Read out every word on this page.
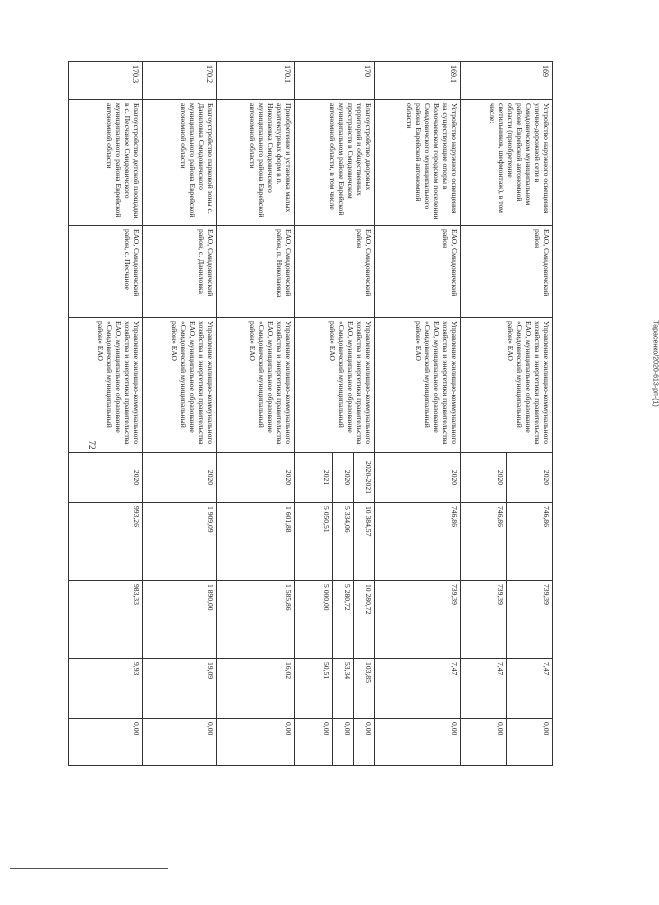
72
Тарасенко/2020-613-рп-(1)
169	Устройство наружного освещения улично-дорожной сети в Смидовичском муниципальном районе Еврейской автономной области (приобретение светильников, шефмонтаж), в том числе:	ЕАО, Смидовичский район	Управление жилищно-коммунального хозяйства и энергетики правительства ЕАО, муниципальное образование «Смидовичский муниципальный район» ЕАО	2020	746,86	739,39	7,47	0,00
				2020	746,86	739,39	7,47	0,00
169.1	Устройство наружного освещения на существующие опоры в Волочаевском городском поселении Смидовичского муниципального района Еврейской автономной области	ЕАО, Смидовичский район	Управление жилищно-коммунального хозяйства и энергетики правительства ЕАО, муниципальное образование «Смидовичский муниципальный район» ЕАО	2020	746,86	739,39	7,47	0,00
170	Благоустройство дворовых территорий и общественных пространств в Смидовичском муниципальном районе Еврейской автономной области, в том числе	ЕАО, Смидовичский район	Управление жилищно-коммунального хозяйства и энергетики правительства ЕАО, муниципальное образование «Смидовичский муниципальный район» ЕАО	2020-2021	10 384,57	10 280,72	103,85	0,00
				2020	5 334,06	5 280,72	53,34	0,00
				2021	5 050,51	5 000,00	50,51	0,00
170.1	Приобретение и установка малых архитектурных форм в п. Николаевка Смидовичского муниципального района Еврейской автономной области	ЕАО, Смидовичский район, п. Николаевка	Управление жилищно-коммунального хозяйства и энергетики правительства ЕАО, муниципальное образование «Смидовичский муниципальный район» ЕАО	2020	1 601,88	1 585,86	16,02	0,00
170.2	Благоустройство парковой зоны с. Даниловка Смидовичского муниципального района Еврейской автономной области	ЕАО, Смидовичский район, с. Даниловка	Управление жилищно-коммунального хозяйства и энергетики правительства ЕАО, муниципальное образование «Смидовичский муниципальный район» ЕАО	2020	1 909,09	1 890,00	19,09	0,00
170.3	Благоустройство детской площадки в с. Песчаное Смидовичского муниципального района Еврейской автономной области	ЕАО, Смидовичский район, с. Песчаное	Управление жилищно-коммунального хозяйства и энергетики правительства ЕАО, муниципальное образование «Смидовичский муниципальный район» ЕАО	2020	993,26	983,33	9,93	0,00
